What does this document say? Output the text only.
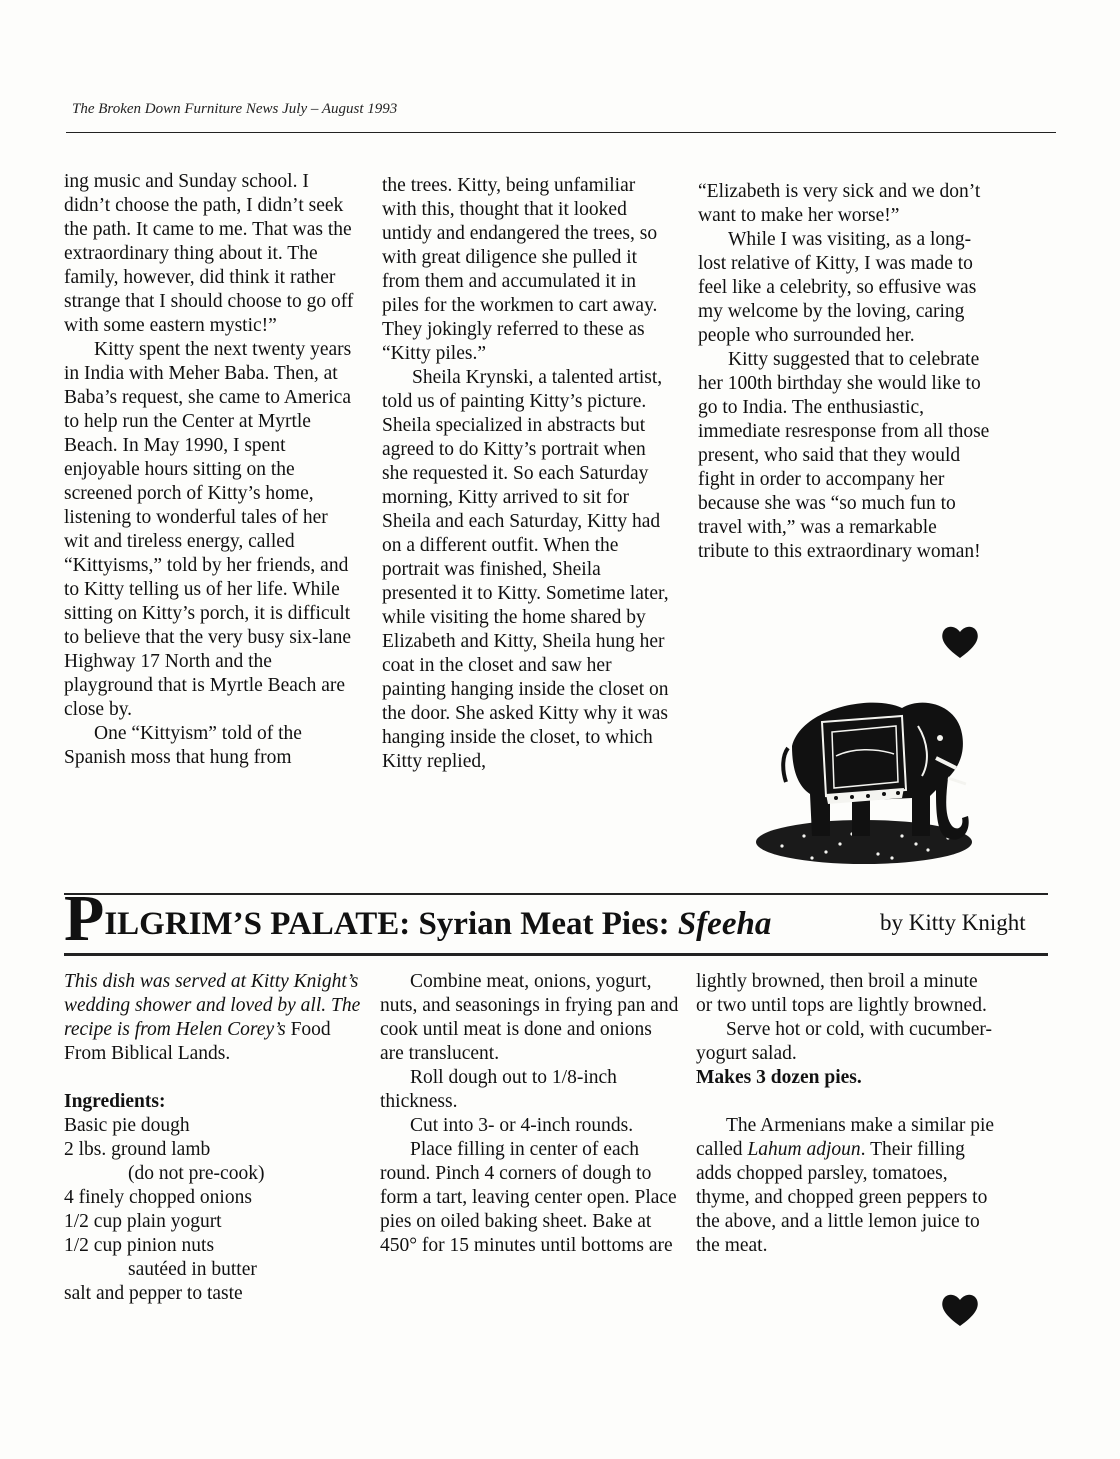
The Broken Down Furniture News July – August 1993

ing music and Sunday school. I didn’t choose the path, I didn’t seek the path. It came to me. That was the extraordinary thing about it. The family, however, did think it rather strange that I should choose to go off with some eastern mystic!”

Kitty spent the next twenty years in India with Meher Baba. Then, at Baba’s request, she came to America to help run the Center at Myrtle Beach. In May 1990, I spent enjoyable hours sitting on the screened porch of Kitty’s home, listening to wonderful tales of her wit and tireless energy, called “Kittyisms,” told by her friends, and to Kitty telling us of her life. While sitting on Kitty’s porch, it is difficult to believe that the very busy six-lane Highway 17 North and the playground that is Myrtle Beach are close by.

One “Kittyism” told of the Spanish moss that hung from

the trees. Kitty, being unfamiliar with this, thought that it looked untidy and endangered the trees, so with great diligence she pulled it from them and accumulated it in piles for the workmen to cart away. They jokingly referred to these as “Kitty piles.”

Sheila Krynski, a talented artist, told us of painting Kitty’s picture. Sheila specialized in abstracts but agreed to do Kitty’s portrait when she requested it. So each Saturday morning, Kitty arrived to sit for Sheila and each Saturday, Kitty had on a different outfit. When the portrait was finished, Sheila presented it to Kitty. Sometime later, while visiting the home shared by Elizabeth and Kitty, Sheila hung her coat in the closet and saw her painting hanging inside the closet on the door. She asked Kitty why it was hanging inside the closet, to which Kitty replied,

“Elizabeth is very sick and we don’t want to make her worse!”

While I was visiting, as a long-lost relative of Kitty, I was made to feel like a celebrity, so effusive was my welcome by the loving, caring people who surrounded her.

Kitty suggested that to celebrate her 100th birthday she would like to go to India. The enthusiastic, immediate resresponse from all those present, who said that they would fight in order to accompany her because she was “so much fun to travel with,” was a remarkable tribute to this extraordinary woman!

PILGRIM’S PALATE: Syrian Meat Pies: Sfeeha	by Kitty Knight

This dish was served at Kitty Knight’s wedding shower and loved by all. The recipe is from Helen Corey’s Food From Biblical Lands.

Ingredients:

Basic pie dough

2 lbs. ground lamb

(do not pre-cook)

4 finely chopped onions

1/2 cup plain yogurt

1/2 cup pinion nuts

sautéed in butter

salt and pepper to taste

Combine meat, onions, yogurt, nuts, and seasonings in frying pan and cook until meat is done and onions are translucent.

Roll dough out to 1/8-inch thickness.

Cut into 3- or 4-inch rounds.

Place filling in center of each round. Pinch 4 corners of dough to form a tart, leaving center open. Place pies on oiled baking sheet. Bake at 450° for 15 minutes until bottoms are

lightly browned, then broil a minute or two until tops are lightly browned.

Serve hot or cold, with cucumber-yogurt salad.

Makes 3 dozen pies.

The Armenians make a similar pie called Lahum adjoun. Their filling adds chopped parsley, tomatoes, thyme, and chopped green peppers to the above, and a little lemon juice to the meat.
